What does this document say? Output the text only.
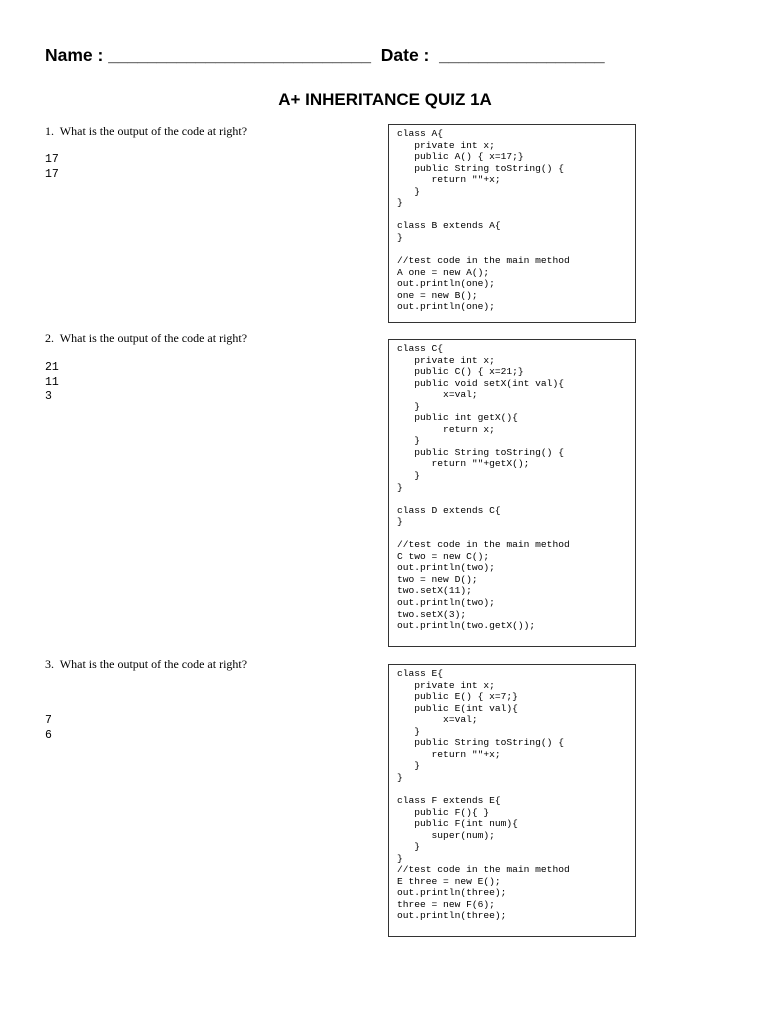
Name : ___________________________ Date : _________________
A+ INHERITANCE QUIZ 1A
1. What is the output of the code at right?
17
17
class A{
private int x;
public A() { x=17;}
public String toString() {
return ""+x;
}
}

class B extends A{
}

//test code in the main method
A one = new A();
out.println(one);
one = new B();
out.println(one);
2. What is the output of the code at right?
21
11
3
class C{
private int x;
public C() { x=21;}
public void setX(int val){
x=val;
}
public int getX(){
return x;
}
public String toString() {
return ""+getX();
}
}

class D extends C{
}

//test code in the main method
C two = new C();
out.println(two);
two = new D();
two.setX(11);
out.println(two);
two.setX(3);
out.println(two.getX());
3. What is the output of the code at right?
7
6
class E{
private int x;
public E() { x=7;}
public E(int val){
x=val;
}
public String toString() {
return ""+x;
}
}

class F extends E{
public F(){ }
public F(int num){
super(num);
}
}
//test code in the main method
E three = new E();
out.println(three);
three = new F(6);
out.println(three);
